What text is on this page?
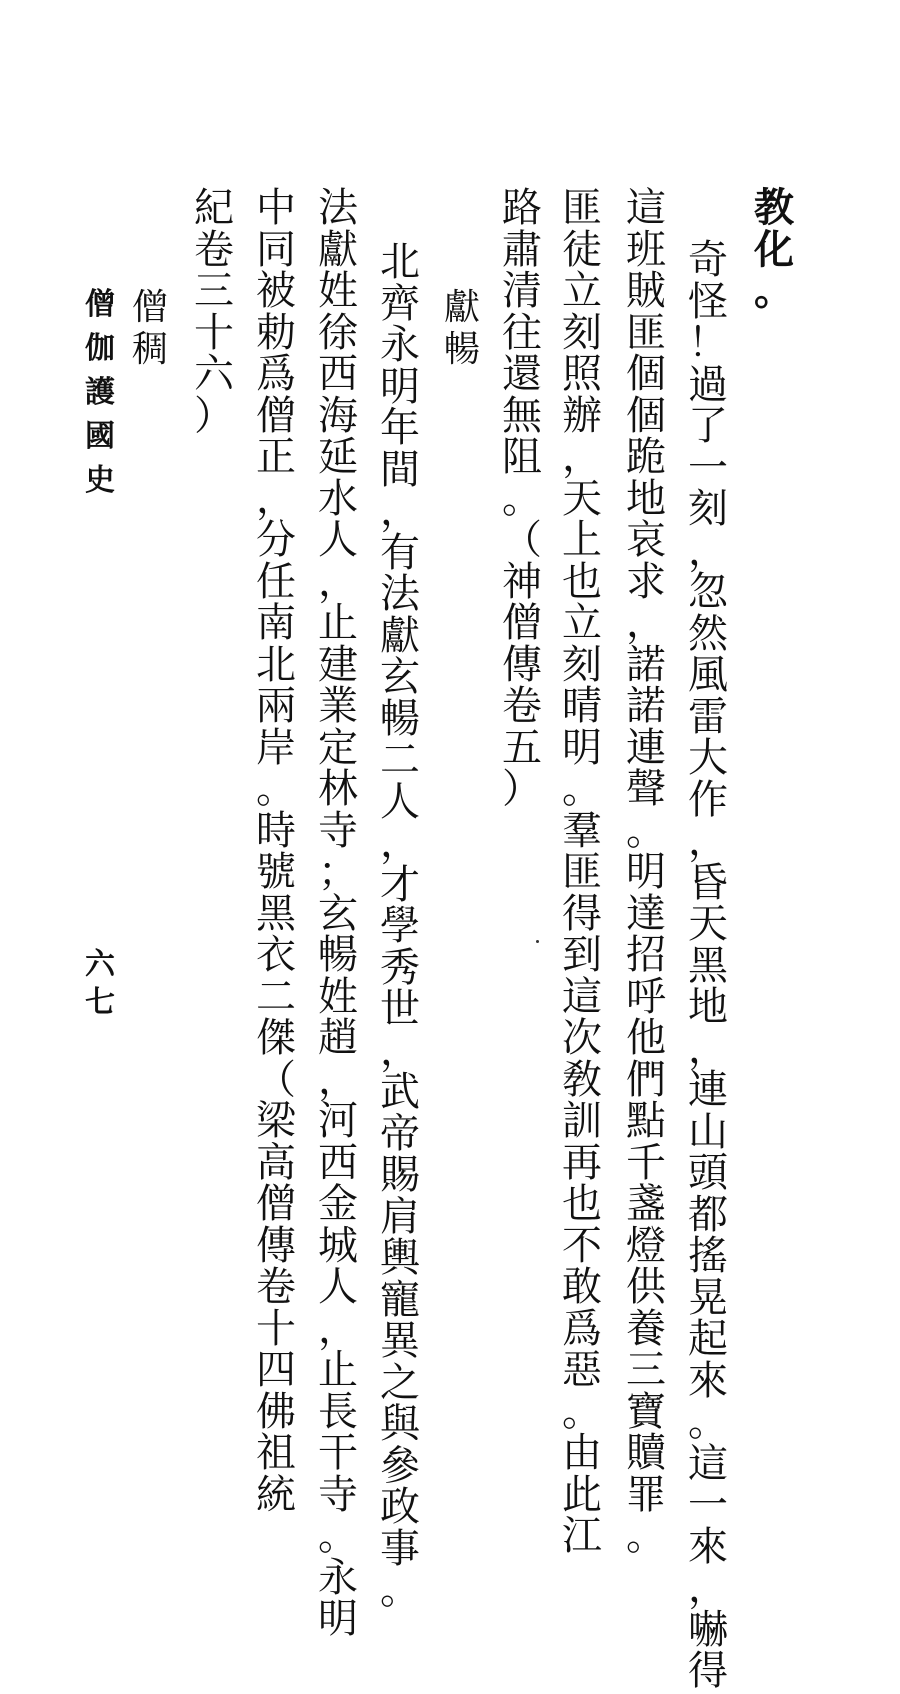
教
化
。
奇
怪
！
過
了
一
刻
，
忽
然
風
雷
大
作
，
昏
天
黑
地
，
連
山
頭
都
搖
晃
起
來
。
這
一
來
，
嚇
得
這
班
賊
匪
個
個
跪
地
哀
求
，
諾
諾
連
聲
。
明
達
招
呼
他
們
點
千
盞
燈
供
養
三
寶
贖
罪
。
匪
徒
立
刻
照
辦
，
天
上
也
立
刻
晴
明
。
羣
匪
得
到
這
次
敎
訓
再
也
不
敢
爲
惡
。
由
此
江
路
肅
清
往
還
無
阻
。
（
神
僧
傳
卷
五
）
獻
暢
北
齊
永
明
年
間
，
有
法
獻
玄
暢
二
人
，
才
學
秀
世
，
武
帝
賜
肩
輿
寵
異
之
與
參
政
事
。
法
獻
姓
徐
西
海
延
水
人
，
止
建
業
定
林
寺
；
玄
暢
姓
趙
，
河
西
金
城
人
，
止
長
干
寺
。
永
明
中
同
被
勅
爲
僧
正
，
分
任
南
北
兩
岸
。
時
號
黑
衣
二
傑
（
梁
高
僧
傳
卷
十
四
佛
祖
統
紀
卷
三
十
六
）
僧
稠
僧
伽
護
國
史
六
七
